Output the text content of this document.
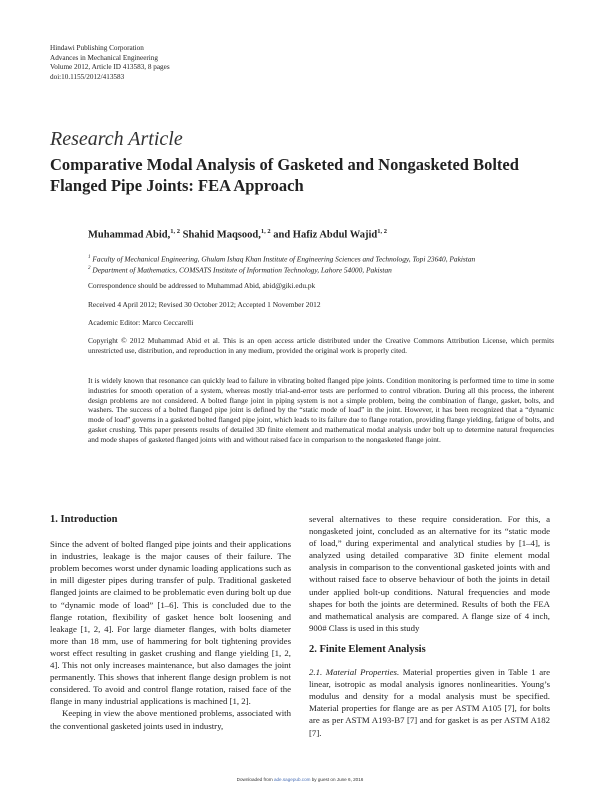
Hindawi Publishing Corporation
Advances in Mechanical Engineering
Volume 2012, Article ID 413583, 8 pages
doi:10.1155/2012/413583
Research Article
Comparative Modal Analysis of Gasketed and Nongasketed Bolted Flanged Pipe Joints: FEA Approach
Muhammad Abid,$^{1, 2}$ Shahid Maqsood,$^{1, 2}$ and Hafiz Abdul Wajid$^{1, 2}$
$^1$ Faculty of Mechanical Engineering, Ghulam Ishaq Khan Institute of Engineering Sciences and Technology, Topi 23640, Pakistan
$^2$ Department of Mathematics, COMSATS Institute of Information Technology, Lahore 54000, Pakistan
Correspondence should be addressed to Muhammad Abid, abid@giki.edu.pk
Received 4 April 2012; Revised 30 October 2012; Accepted 1 November 2012
Academic Editor: Marco Ceccarelli
Copyright © 2012 Muhammad Abid et al. This is an open access article distributed under the Creative Commons Attribution License, which permits unrestricted use, distribution, and reproduction in any medium, provided the original work is properly cited.
It is widely known that resonance can quickly lead to failure in vibrating bolted flanged pipe joints. Condition monitoring is performed time to time in some industries for smooth operation of a system, whereas mostly trial-and-error tests are performed to control vibration. During all this process, the inherent design problems are not considered. A bolted flange joint in piping system is not a simple problem, being the combination of flange, gasket, bolts, and washers. The success of a bolted flanged pipe joint is defined by the “static mode of load” in the joint. However, it has been recognized that a “dynamic mode of load” governs in a gasketed bolted flanged pipe joint, which leads to its failure due to flange rotation, providing flange yielding, fatigue of bolts, and gasket crushing. This paper presents results of detailed 3D finite element and mathematical modal analysis under bolt up to determine natural frequencies and mode shapes of gasketed flanged joints with and without raised face in comparison to the nongasketed flange joint.
1. Introduction

Since the advent of bolted flanged pipe joints and their applications in industries, leakage is the major causes of their failure. The problem becomes worst under dynamic loading applications such as in mill digester pipes during transfer of pulp. Traditional gasketed flanged joints are claimed to be problematic even during bolt up due to “dynamic mode of load” [1–6]. This is concluded due to the flange rotation, flexibility of gasket hence bolt loosening and leakage [1, 2, 4]. For large diameter flanges, with bolts diameter more than 18 mm, use of hammering for bolt tightening provides worst effect resulting in gasket crushing and flange yielding [1, 2, 4]. This not only increases maintenance, but also damages the joint permanently. This shows that inherent flange design problem is not considered. To avoid and control flange rotation, raised face of the flange in many industrial applications is machined [1, 2].

Keeping in view the above mentioned problems, associated with the conventional gasketed joints used in industry,

several alternatives to these require consideration. For this, a nongasketed joint, concluded as an alternative for its “static mode of load,” during experimental and analytical studies by [1–4], is analyzed using detailed comparative 3D finite element modal analysis in comparison to the conventional gasketed joints with and without raised face to observe behaviour of both the joints in detail under applied bolt-up conditions. Natural frequencies and mode shapes for both the joints are determined. Results of both the FEA and mathematical analysis are compared. A flange size of 4 inch, 900# Class is used in this study

2. Finite Element Analysis

2.1. Material Properties. Material properties given in Table 1 are linear, isotropic as modal analysis ignores nonlinearities. Young’s modulus and density for a modal analysis must be specified. Material properties for flange are as per ASTM A105 [7], for bolts are as per ASTM A193-B7 [7] and for gasket is as per ASTM A182 [7].

Downloaded from ade.sagepub.com by guest on June 6, 2016
